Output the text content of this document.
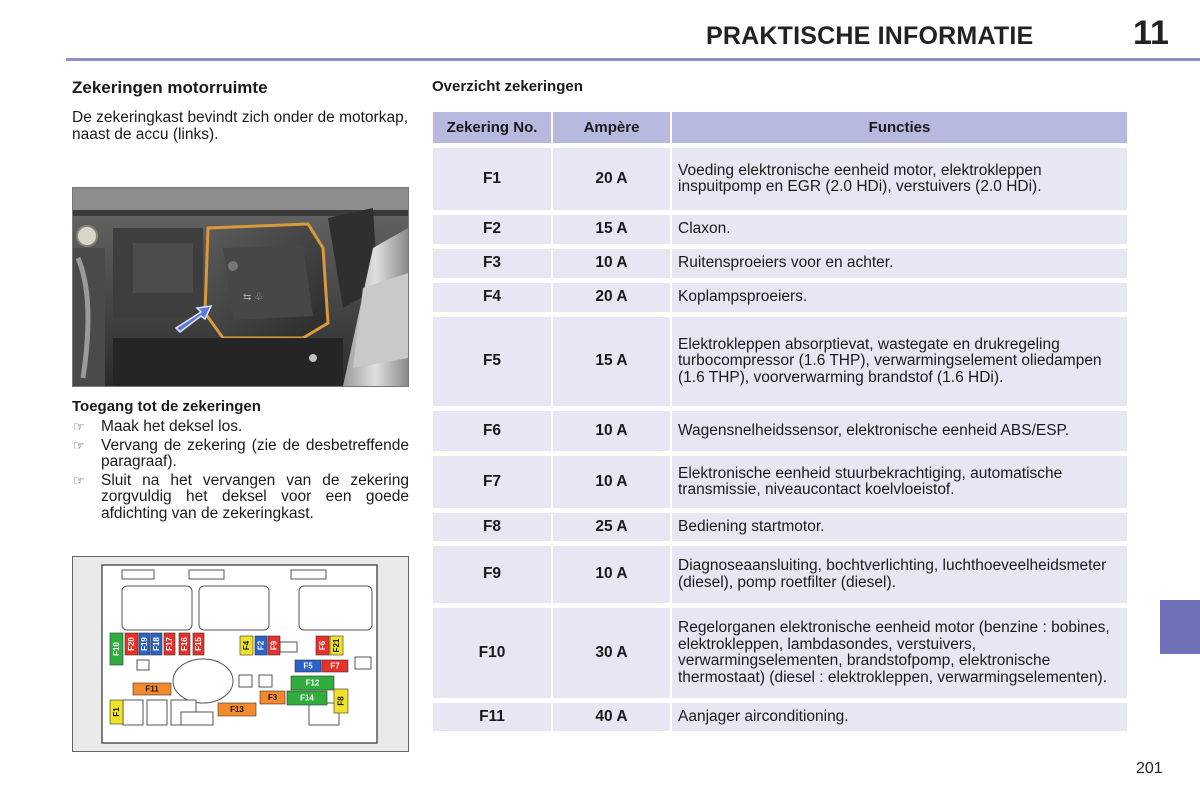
PRAKTISCHE INFORMATIE	11
Zekeringen motorruimte
De zekeringkast bevindt zich onder de motorkap, naast de accu (links).
⇆ ♧
Toegang tot de zekeringen
☞ Maak het deksel los.
☞ Vervang de zekering (zie de desbetreffende paragraaf).
☞ Sluit na het vervangen van de zekering zorgvuldig het deksel voor een goede afdichting van de zekeringkast.
F10 F20 F19 F18 F17 F16 F15	F4 F2 F9	F6 F21
F5 F7
F12
F11
F3	F14	F8
F1	F13
Overzicht zekeringen
Zekering No.	Ampère	Functies
F1	20 A	Voeding elektronische eenheid motor, elektrokleppen inspuitpomp en EGR (2.0 HDi), verstuivers (2.0 HDi).
F2	15 A	Claxon.
F3	10 A	Ruitensproeiers voor en achter.
F4	20 A	Koplampsproeiers.
F5	15 A	Elektrokleppen absorptievat, wastegate en drukregeling turbocompressor (1.6 THP), verwarmingselement oliedampen (1.6 THP), voorverwarming brandstof (1.6 HDi).
F6	10 A	Wagensnelheidssensor, elektronische eenheid ABS/ESP.
F7	10 A	Elektronische eenheid stuurbekrachtiging, automatische transmissie, niveaucontact koelvloeistof.
F8	25 A	Bediening startmotor.
F9	10 A	Diagnoseaansluiting, bochtverlichting, luchthoeveelheidsmeter (diesel), pomp roetfilter (diesel).
F10	30 A	Regelorganen elektronische eenheid motor (benzine : bobines, elektrokleppen, lambdasondes, verstuivers, verwarmingselementen, brandstofpomp, elektronische thermostaat) (diesel : elektrokleppen, verwarmingselementen).
F11	40 A	Aanjager airconditioning.
201
